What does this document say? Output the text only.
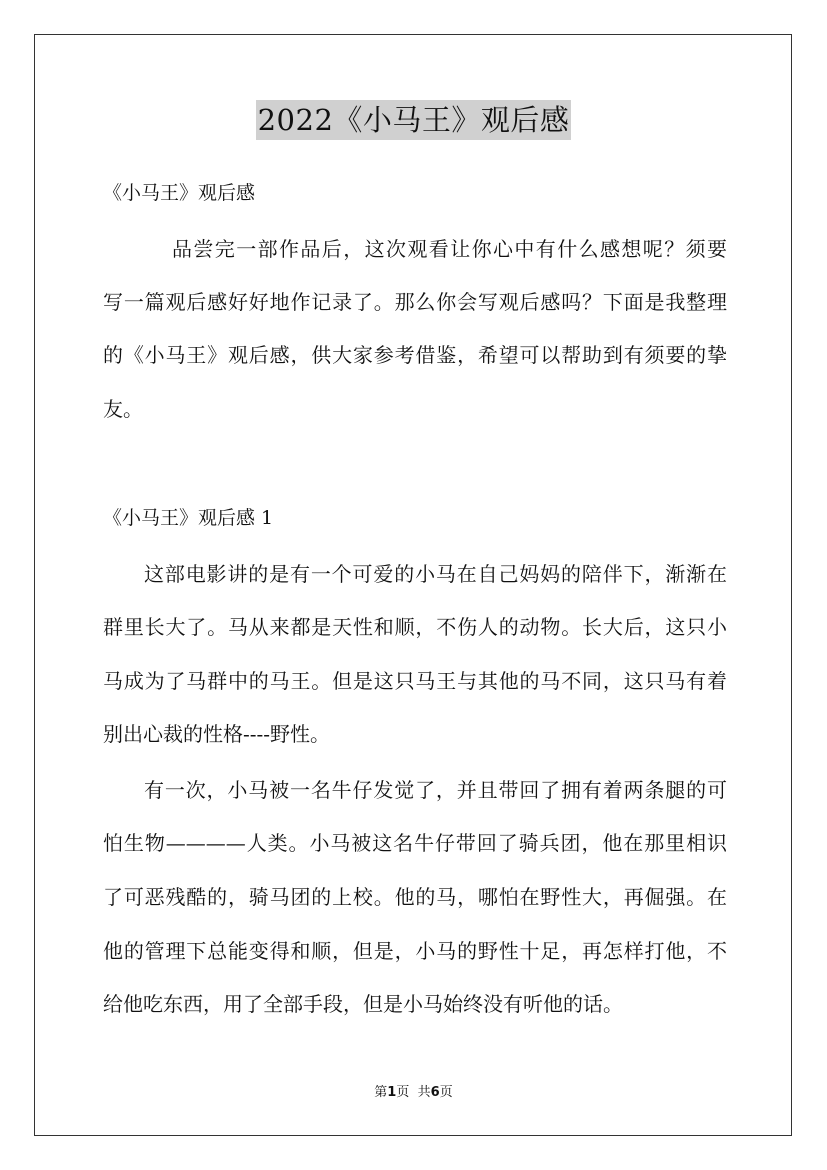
2022《小马王》观后感
《小马王》观后感
品尝完一部作品后，这次观看让你心中有什么感想呢？须要
写一篇观后感好好地作记录了。那么你会写观后感吗？下面是我整理
的《小马王》观后感，供大家参考借鉴，希望可以帮助到有须要的挚
友。
《小马王》观后感 1
这部电影讲的是有一个可爱的小马在自己妈妈的陪伴下，渐渐在
群里长大了。马从来都是天性和顺，不伤人的动物。长大后，这只小
马成为了马群中的马王。但是这只马王与其他的马不同，这只马有着
别出心裁的性格----野性。
有一次，小马被一名牛仔发觉了，并且带回了拥有着两条腿的可
怕生物————人类。小马被这名牛仔带回了骑兵团，他在那里相识
了可恶残酷的，骑马团的上校。他的马，哪怕在野性大，再倔强。在
他的管理下总能变得和顺，但是，小马的野性十足，再怎样打他，不
给他吃东西，用了全部手段，但是小马始终没有听他的话。
第1页 共6页
